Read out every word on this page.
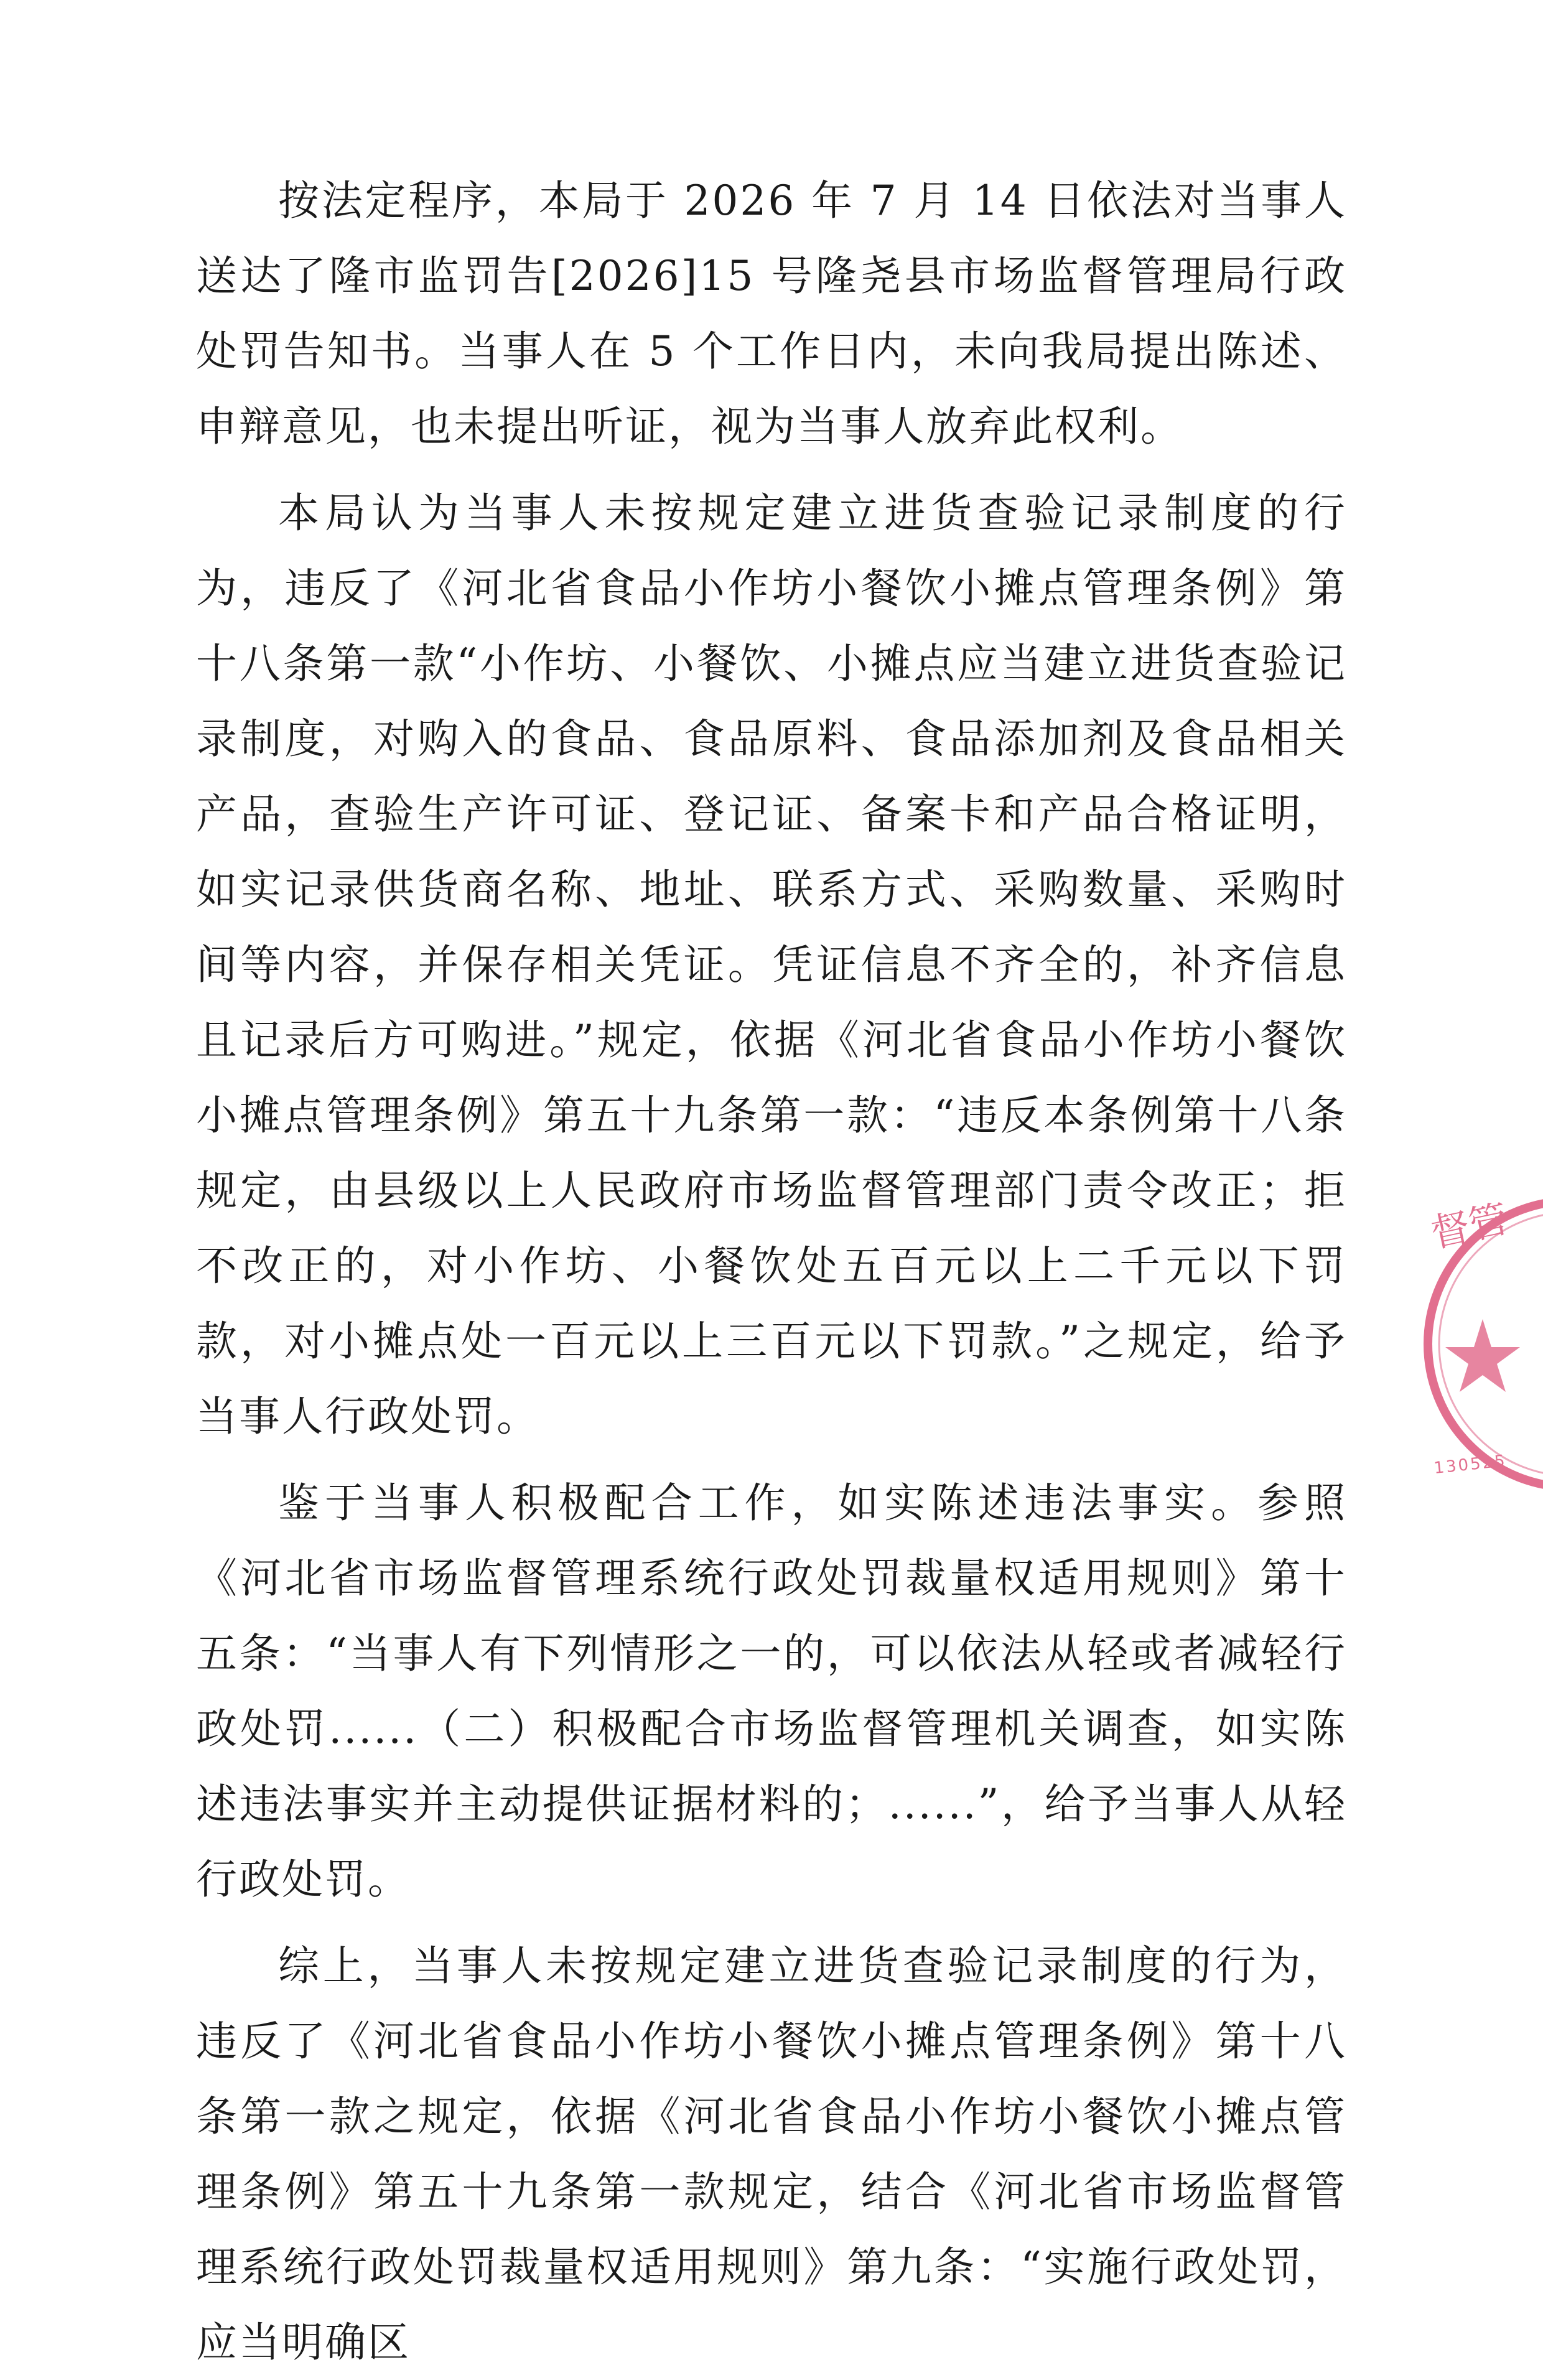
按法定程序，本局于 2026 年 7 月 14 日依法对当事人送达了隆市监罚告[2026]15 号隆尧县市场监督管理局行政处罚告知书。当事人在 5 个工作日内，未向我局提出陈述、申辩意见，也未提出听证，视为当事人放弃此权利。

本局认为当事人未按规定建立进货查验记录制度的行为，违反了《河北省食品小作坊小餐饮小摊点管理条例》第十八条第一款“小作坊、小餐饮、小摊点应当建立进货查验记录制度，对购入的食品、食品原料、食品添加剂及食品相关产品，查验生产许可证、登记证、备案卡和产品合格证明，如实记录供货商名称、地址、联系方式、采购数量、采购时间等内容，并保存相关凭证。凭证信息不齐全的，补齐信息且记录后方可购进。”规定，依据《河北省食品小作坊小餐饮小摊点管理条例》第五十九条第一款：“违反本条例第十八条规定，由县级以上人民政府市场监督管理部门责令改正；拒不改正的，对小作坊、小餐饮处五百元以上二千元以下罚款，对小摊点处一百元以上三百元以下罚款。”之规定，给予当事人行政处罚。

鉴于当事人积极配合工作，如实陈述违法事实。参照《河北省市场监督管理系统行政处罚裁量权适用规则》第十五条：“当事人有下列情形之一的，可以依法从轻或者减轻行政处罚......（二）积极配合市场监督管理机关调查，如实陈述违法事实并主动提供证据材料的；......”，给予当事人从轻行政处罚。

综上，当事人未按规定建立进货查验记录制度的行为，违反了《河北省食品小作坊小餐饮小摊点管理条例》第十八条第一款之规定，依据《河北省食品小作坊小餐饮小摊点管理条例》第五十九条第一款规定，结合《河北省市场监督管理系统行政处罚裁量权适用规则》第九条：“实施行政处罚，应当明确区

督管
130525
